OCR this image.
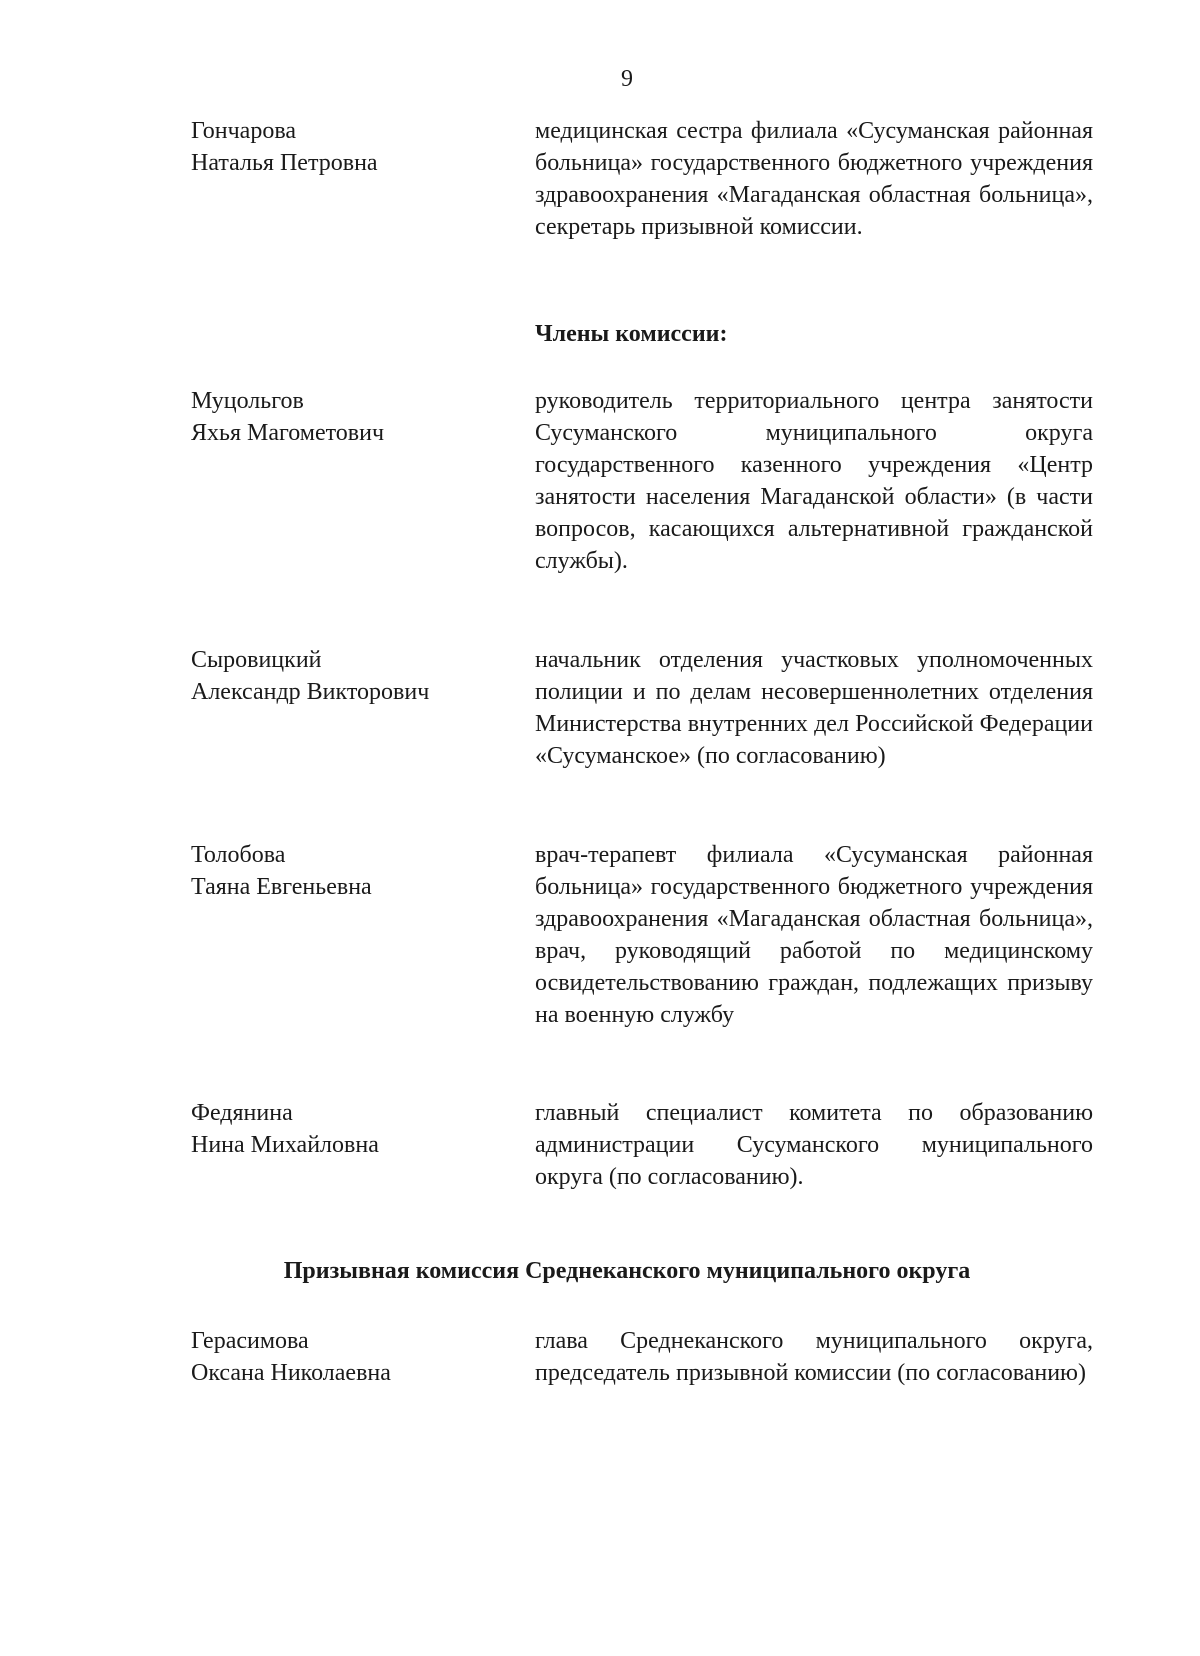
9
Гончарова
Наталья Петровна
медицинская сестра филиала «Сусуманская районная больница» государственного бюджетного учреждения здравоохранения «Магаданская областная больница», секретарь призывной комиссии.
Члены комиссии:
Муцольгов
Яхья Магометович
руководитель территориального центра занятости Сусуманского муниципального округа государственного казенного учреждения «Центр занятости населения Магаданской области» (в части вопросов, касающихся альтернативной гражданской службы).
Сыровицкий
Александр Викторович
начальник отделения участковых уполномоченных полиции и по делам несовершеннолетних отделения Министерства внутренних дел Российской Федерации «Сусуманское» (по согласованию)
Толобова
Таяна Евгеньевна
врач-терапевт филиала «Сусуманская районная больница» государственного бюджетного учреждения здравоохранения «Магаданская областная больница», врач, руководящий работой по медицинскому освидетельствованию граждан, подлежащих призыву на военную службу
Федянина
Нина Михайловна
главный специалист комитета по образованию администрации Сусуманского муниципального округа (по согласованию).
Призывная комиссия Среднеканского муниципального округа
Герасимова
Оксана Николаевна
глава Среднеканского муниципального округа, председатель призывной комиссии (по согласованию)
